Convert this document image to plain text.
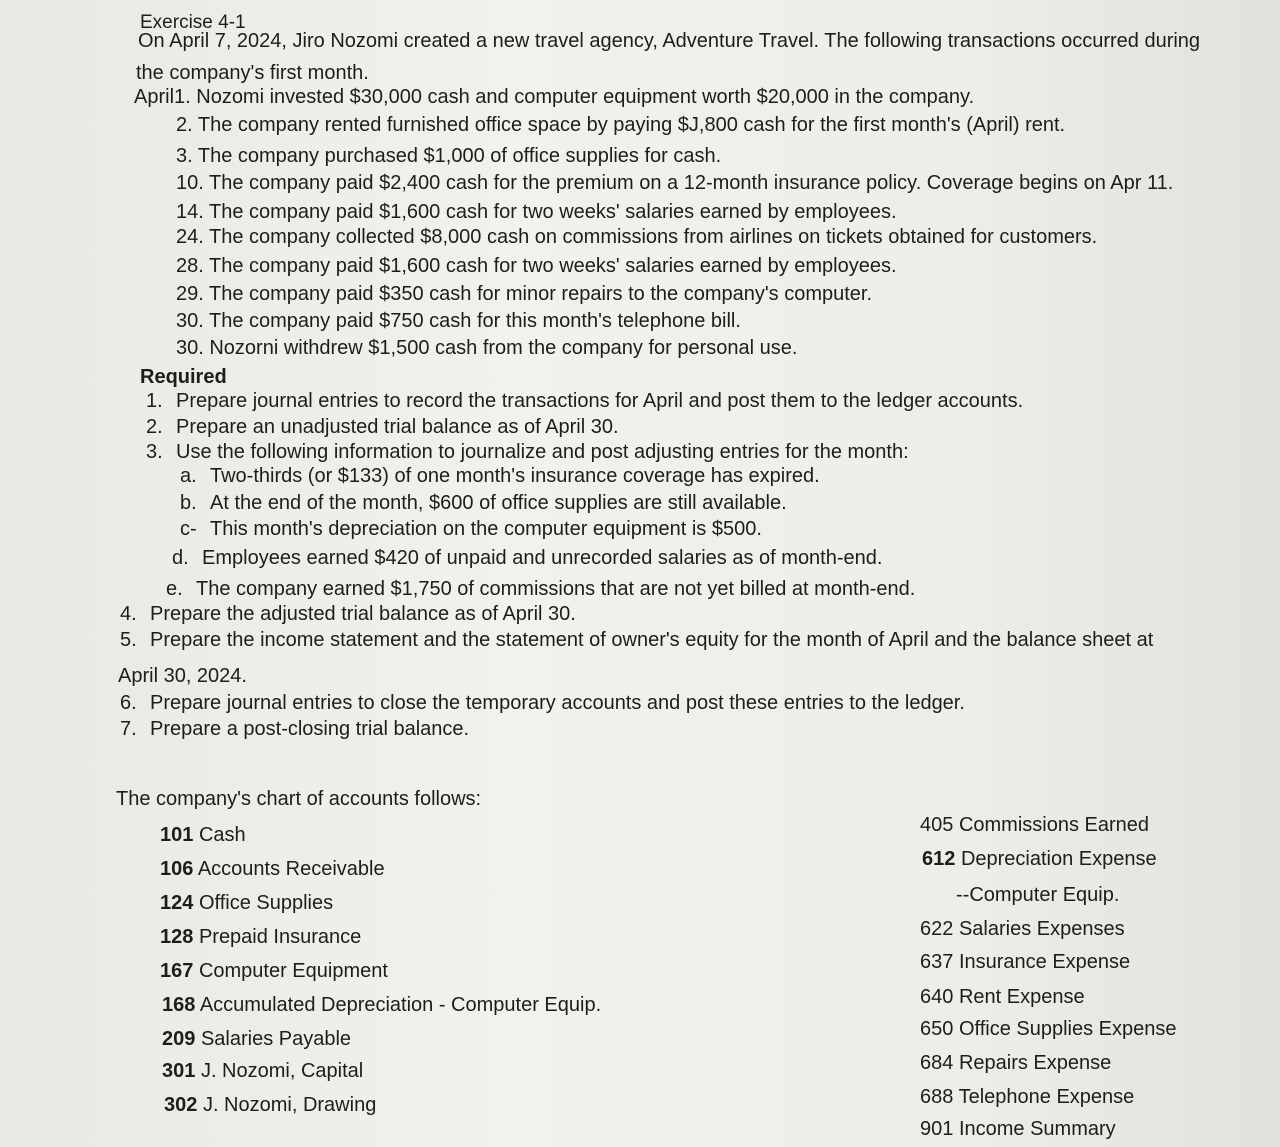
Exercise 4-1
On April 7, 2024, Jiro Nozomi created a new travel agency, Adventure Travel. The following transactions occurred during
the company's first month.
April1. Nozomi invested $30,000 cash and computer equipment worth $20,000 in the company.
2. The company rented furnished office space by paying $J,800 cash for the first month's (April) rent.
3. The company purchased $1,000 of office supplies for cash.
10. The company paid $2,400 cash for the premium on a 12-month insurance policy. Coverage begins on Apr 11.
14. The company paid $1,600 cash for two weeks' salaries earned by employees.
24. The company collected $8,000 cash on commissions from airlines on tickets obtained for customers.
28. The company paid $1,600 cash for two weeks' salaries earned by employees.
29. The company paid $350 cash for minor repairs to the company's computer.
30. The company paid $750 cash for this month's telephone bill.
30. Nozorni withdrew $1,500 cash from the company for personal use.
Required
1. Prepare journal entries to record the transactions for April and post them to the ledger accounts.
2. Prepare an unadjusted trial balance as of April 30.
3. Use the following information to journalize and post adjusting entries for the month:
a. Two-thirds (or $133) of one month's insurance coverage has expired.
b. At the end of the month, $600 of office supplies are still available.
c- This month's depreciation on the computer equipment is $500.
d. Employees earned $420 of unpaid and unrecorded salaries as of month-end.
e. The company earned $1,750 of commissions that are not yet billed at month-end.
4. Prepare the adjusted trial balance as of April 30.
5. Prepare the income statement and the statement of owner's equity for the month of April and the balance sheet at
April 30, 2024.
6. Prepare journal entries to close the temporary accounts and post these entries to the ledger.
7. Prepare a post-closing trial balance.
The company's chart of accounts follows:
101 Cash
106 Accounts Receivable
124 Office Supplies
128 Prepaid Insurance
167 Computer Equipment
168 Accumulated Depreciation - Computer Equip.
209 Salaries Payable
301 J. Nozomi, Capital
302 J. Nozomi, Drawing
405 Commissions Earned
612 Depreciation Expense
--Computer Equip.
622 Salaries Expenses
637 Insurance Expense
640 Rent Expense
650 Office Supplies Expense
684 Repairs Expense
688 Telephone Expense
901 Income Summary
